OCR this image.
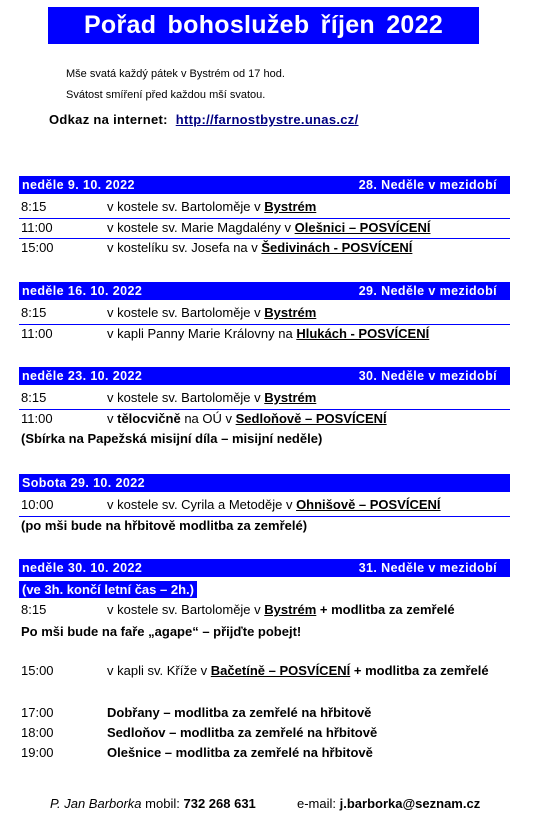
Pořad bohoslužeb říjen 2022
Mše svatá každý pátek v Bystrém od 17 hod.
Svátost smíření před každou mší svatou.
Odkaz na internet: http://farnostbystre.unas.cz/
neděle 9. 10. 2022	28. Neděle v mezidobí
8:15	v kostele sv. Bartoloměje v Bystrém
11:00	v kostele sv. Marie Magdalény v Olešnici – POSVÍCENÍ
15:00	v kostelíku sv. Josefa na v Šedivinách - POSVÍCENÍ
neděle 16. 10. 2022	29. Neděle v mezidobí
8:15	v kostele sv. Bartoloměje v Bystrém
11:00	v kapli Panny Marie Královny na Hlukách - POSVÍCENÍ
neděle 23. 10. 2022	30. Neděle v mezidobí
8:15	v kostele sv. Bartoloměje v Bystrém
11:00	v tělocvičně na OÚ v Sedloňově – POSVÍCENÍ
(Sbírka na Papežská misijní díla – misijní neděle)
Sobota 29. 10. 2022
10:00	v kostele sv. Cyrila a Metoděje v Ohnišově – POSVÍCENÍ
(po mši bude na hřbitově modlitba za zemřelé)
neděle 30. 10. 2022	31. Neděle v mezidobí
(ve 3h. končí letní čas – 2h.)
8:15	v kostele sv. Bartoloměje v Bystrém + modlitba za zemřelé
Po mši bude na faře „agape“ – přijďte pobejt!
15:00	v kapli sv. Kříže v Bačetíně – POSVÍCENÍ + modlitba za zemřelé
17:00	Dobřany – modlitba za zemřelé na hřbitově
18:00	Sedloňov – modlitba za zemřelé na hřbitově
19:00	Olešnice – modlitba za zemřelé na hřbitově
P. Jan Barborka mobil: 732 268 631	e-mail: j.barborka@seznam.cz
